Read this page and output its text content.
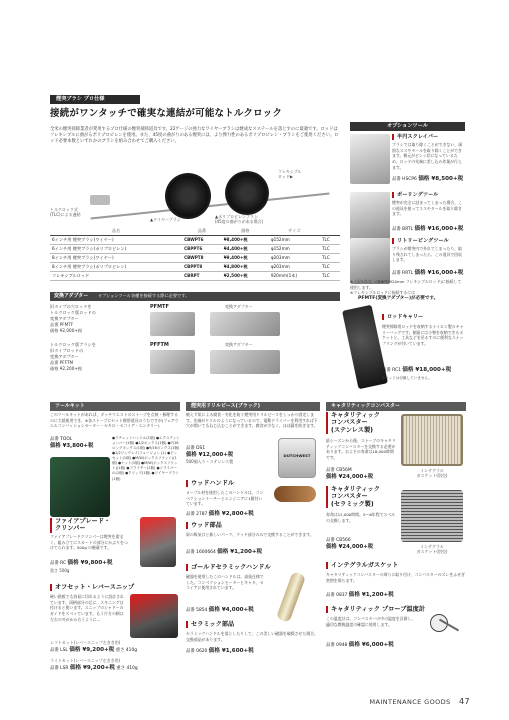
煙突ブラシ プロ仕様
接続がワンタッチで確実な連結が可能なトルクロック
全米の煙突掃除業者が愛用するプロ仕様の煙突掃除道具です。22ゲージの強力なワイヤーブラシは焼成なスステールを落とすのに最適です。ロッドはフレキシブルに曲がるポリプロピレンを使用。また、45度の曲がりのある煙突には、より弾力性のあるポリプロピレン・ブラシをご使用ください。ロッド必要本数といずれかのブラシを組み合わせてご購入ください。
トルクロック式
(TLC)による連結
▲ワイヤーブラシ
▲ポリプロピレンブラシ
(45度の曲がりがある場合)
フレキシブル
ロッド▶
品名	品番	価格	サイズ	
6インチ用 煙突ブラシ(ワイヤー)	CBWPT6	¥8,400+税	φ152mm	TLC
6インチ用 煙突ブラシ(ポリプロピレン)	CBPPT6	¥4,400+税	φ152mm	TLC
8インチ用 煙突ブラシ(ワイヤー)	CBWPT8	¥9,400+税	φ203mm	TLC
8インチ用 煙突ブラシ(ポリプロピレン)	CBPPT8	¥4,800+税	φ203mm	TLC
フレキシブルロッド	CBRPT	¥2,500+税	920mm(1本)	TLC
変換アダプター オプションツール各種を接続する際に必要です。
旧タイプの穴ロッドを
トルクロック版ロッドの
変換アダプター
品番 PFMTF
価格 ¥2,000+税
トルクロック版ブラシを
旧タイプロッドの
変換アダプター
品番 PFFTM
価格 ¥2,200+税
PFMTF	変換アダプター
PFFTM	変換アダプター
オプションツール
半円スクレイパー
ブラシでは取り除くことができない、頑固なススやタールを取り除くことができます。柄元がピンッ状になっているため、ロッドの先端に差し込み作業が行えます。
品番 HSCP6 価格 ¥8,500+税
ボーリングツール
煙突が完全に詰まってしまった場合、この道具を使ってススやタールを取り除きます。
品番 BRTL 価格 ¥16,000+税
リトリービングツール
ブラシが煙突内で外れてしまったり、取り残されてしまったら、この道具で回収します。
品番 RRTL 価格 ¥16,000+税
※上記3点は、CBRPT(920mm フレキシブルロッド)に接続して使用します。
※フレキシブルロッドに接続するには
PFMTF(変換アダプター)が必要です。
ロッドキャリー
煙突掃除用ロッドを収納するナイロン製のキャリーバッグです。側面には小物を収納できるポケットと、工具などを吊るすのに便利なスナップリングが付いています。
品番 RC1 価格 ¥18,000+税
※ロッドは付属していません。
ツールキット
このツールキットがあれば、ダッチウエストのストーブを点検・修理するのに大抵使用でき、※各ストーブにセット携帯道具のうちですが(フェアウエルコンバッションセーター・セキロ・セコイア・エンタリー)
品番 TOOL
価格 ¥3,800+税
●ラチェットハンドル(1個) ●エクステンションバー(1個) ●1/2ボックス(1個) ●7/16ロングボックス(1個) ●9/16ボックス(1個) ●1/2ワンウェイ/フュージョン (1) ●ピンセット(1個) ●M/W(ボックスソケット)(1個) ●ナット(1個) ●M/W(ボックスソケット)(1個) ●フライヤー(1個) ●ドライバーの(1個) ●クリップ(1個) ●ワイヤーブラシ(1個)
ファイアプレード・
クリンパー
ファイアプレードクリンパーは煙突を重宝く、組み立てにスカートの部分にかぶりをつけてられます。500g の軽量です。
品番 RC 価格 ¥9,800+税
重さ 500g
オフセット・レバースニップ
硬い鉄板でも容易に切れるように設計されています。両柄部分の芯に、スキニングは付けると使います。スニップのシャドーのガイドをスベッています。もう片方の柄は左右の刃がかみ合うように...
レフトカット(レバースニップ左きき用)
品番 LSL 価格 ¥9,200+税 重さ 410g
ライトカット(レバースニップ左きき用)
品番 LSR 価格 ¥9,200+税 重さ 410g
煙突用ドリルピース(ブラック)
焼えず炭による腐食・劣化を防ぐ煙突用ドリルピースをしっかり固定します。先端がドリルのようになっているので、電動ドライバーを利用すれば下穴が開いてもねじ込むことができます。腐食が少なく、ほぼ錆を防ぎます。
DUTCHWEST
品番 DS1
価格 ¥12,000+税
500個入り・ステンレス製
ウッドハンドル
メープル材を使用したこのハンドルは、コンベクショントーチーとエンジニアに1個付いています。
品番 2787 価格 ¥2,800+税
ウッド部品
扉の吸気口と新しいパーツ、ウッド部分のみで交換することができます。
品番 1600664 価格 ¥1,200+税
ゴールドセラミックハンドル
磁器を使用したこのハンドルは、高級仕様でした。コンベクションヒーターとキャタ、セコイアに使用されています。
品番 5854 価格 ¥4,000+税
セラミック部品
セラミックハンドルを落としたりして、この美しい磁器を破損させた場合、交換部品があります。
品番 0620 価格 ¥1,600+税
キャタリティックコンバスター
キャタリティック
コンバスター
(ステンレス製)
最シーズンから後、ストーブのキャタリティックコンバスターを交換する必要があります。およその寿命は18,000時間です。
品番 CB56M
価格 ¥24,000+税
インテグラル
ガスケット(別売)
キャタリティック
コンバスター
(セラミック製)
寿命は12,000時間。5〜6年程でスベルの交換します。
品番 CB566
価格 ¥24,000+税	インテグラル
ガスケット(別売)
インテグラルガスケット
キャタリティックコンバスターの周りに取り付け、コンバスターのズレをふせぎ密閉を保ちます。
品番 0837 価格 ¥1,200+税
キャタリティック プローブ温度計
この温度計は、コンバスターの中の温度を計測し、適切な燃焼温度の確認に使用します。
品番 0948 価格 ¥6,000+税
MAINTENANCE GOODS 47
